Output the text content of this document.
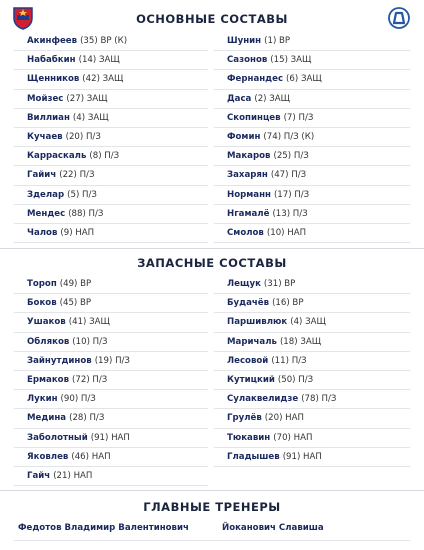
ОСНОВНЫЕ СОСТАВЫ
Акинфеев (35) ВР (К)
Набабкин (14) ЗАЩ
Щенников (42) ЗАЩ
Мойзес (27) ЗАЩ
Виллиан (4) ЗАЩ
Кучаев (20) П/З
Карраскаль (8) П/З
Гайич (22) П/З
Зделар (5) П/З
Мендес (88) П/З
Чалов (9) НАП
Шунин (1) ВР
Сазонов (15) ЗАЩ
Фернандес (6) ЗАЩ
Даса (2) ЗАЩ
Скопинцев (7) П/З
Фомин (74) П/З (К)
Макаров (25) П/З
Захарян (47) П/З
Норманн (17) П/З
Нгамалё (13) П/З
Смолов (10) НАП
ЗАПАСНЫЕ СОСТАВЫ
Тороп (49) ВР
Боков (45) ВР
Ушаков (41) ЗАЩ
Обляков (10) П/З
Зайнутдинов (19) П/З
Ермаков (72) П/З
Лукин (90) П/З
Медина (28) П/З
Заболотный (91) НАП
Яковлев (46) НАП
Гайч (21) НАП
Лещук (31) ВР
Будачёв (16) ВР
Паршивлюк (4) ЗАЩ
Маричаль (18) ЗАЩ
Лесовой (11) П/З
Кутицкий (50) П/З
Сулаквелидзе (78) П/З
Грулёв (20) НАП
Тюкавин (70) НАП
Гладышев (91) НАП
ГЛАВНЫЕ ТРЕНЕРЫ
Федотов Владимир Валентинович	Йоканович Славиша
